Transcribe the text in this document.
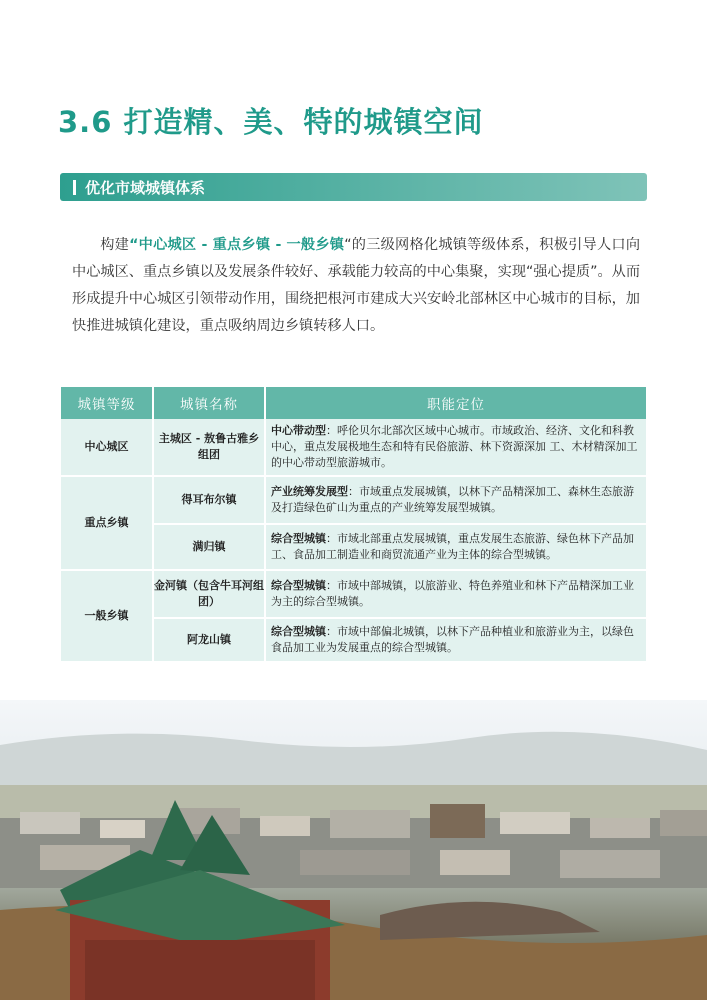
3.6 打造精、美、特的城镇空间
优化市域城镇体系

构建“中心城区 - 重点乡镇 - 一般乡镇“的三级网格化城镇等级体系，积极引导人口向中心城区、重点乡镇以及发展条件较好、承载能力较高的中心集聚，实现“强心提质”。从而形成提升中心城区引领带动作用，围绕把根河市建成大兴安岭北部林区中心城市的目标，加快推进城镇化建设，重点吸纳周边乡镇转移人口。

城镇等级	城镇名称	职能定位
中心城区	主城区 - 敖鲁古雅乡组团	中心带动型：呼伦贝尔北部次区域中心城市。市域政治、经济、文化和科教中心，重点发展极地生态和特有民俗旅游、林下资源深加 工、木材精深加工的中心带动型旅游城市。
重点乡镇	得耳布尔镇	产业统筹发展型：市域重点发展城镇，以林下产品精深加工、森林生态旅游及打造绿色矿山为重点的产业统筹发展型城镇。
	满归镇	综合型城镇：市域北部重点发展城镇，重点发展生态旅游、绿色林下产品加工、食品加工制造业和商贸流通产业为主体的综合型城镇。
一般乡镇	金河镇（包含牛耳河组团）	综合型城镇：市域中部城镇，以旅游业、特色养殖业和林下产品精深加工业为主的综合型城镇。
	阿龙山镇	综合型城镇：市域中部偏北城镇，以林下产品种植业和旅游业为主，以绿色食品加工业为发展重点的综合型城镇。
